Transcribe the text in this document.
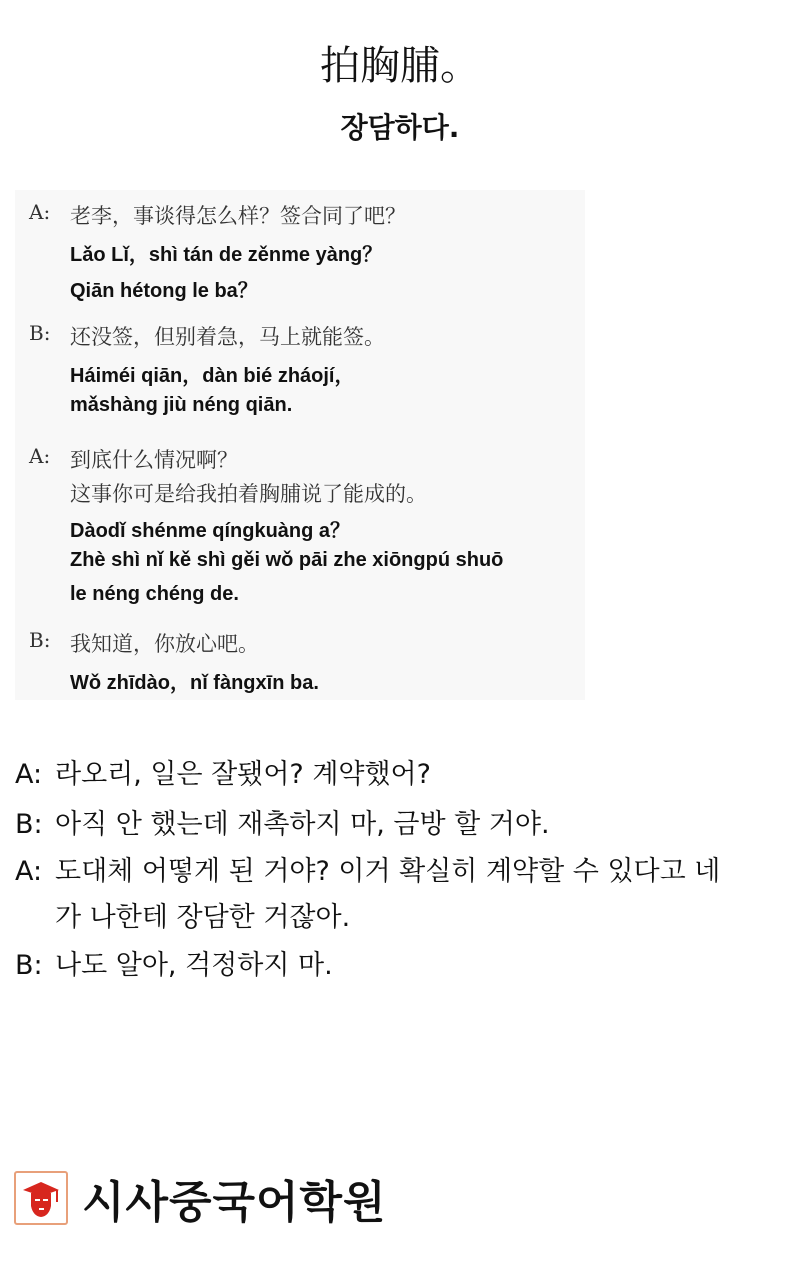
拍胸脯。
장담하다.
A: 老李，事谈得怎么样？签合同了吧？
Lǎo Lǐ，shì tán de zěnme yàng？
Qiān hétong le ba？
B: 还没签，但别着急，马上就能签。
Háiméi qiān，dàn bié zháojí，
mǎshàng jiù néng qiān.
A: 到底什么情况啊？
这事你可是给我拍着胸脯说了能成的。
Dàodǐ shénme qíngkuàng a？
Zhè shì nǐ kě shì gěi wǒ pāi zhe xiōngpú shuō
le néng chéng de.
B: 我知道，你放心吧。
Wǒ zhīdào，nǐ fàngxīn ba.
A: 라오리, 일은 잘됐어? 계약했어?
B: 아직 안 했는데 재촉하지 마, 금방 할 거야.
A: 도대체 어떻게 된 거야? 이거 확실히 계약할 수 있다고 네
가 나한테 장담한 거잖아.
B: 나도 알아, 걱정하지 마.
시사중국어학원
